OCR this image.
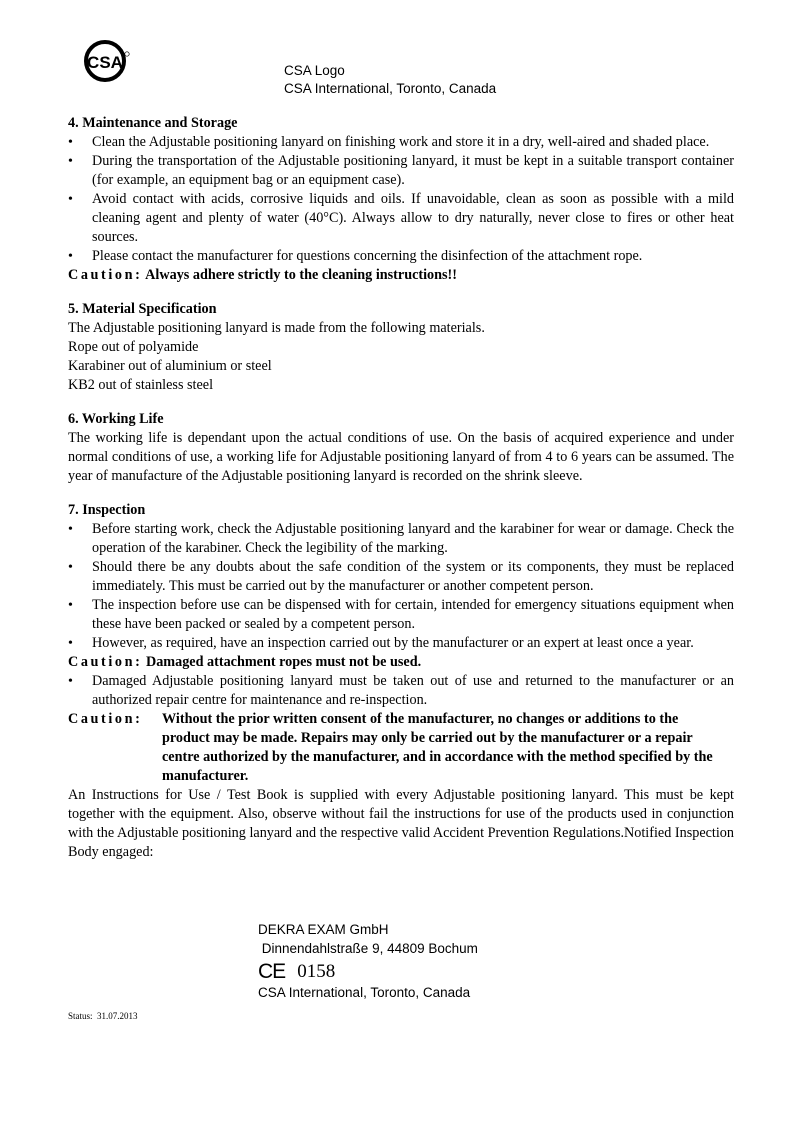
CSA	CSA Logo
CSA International, Toronto, Canada

4. Maintenance and Storage

• Clean the Adjustable positioning lanyard on finishing work and store it in a dry, well-aired and shaded place.
• During the transportation of the Adjustable positioning lanyard, it must be kept in a suitable transport container (for example, an equipment bag or an equipment case).
• Avoid contact with acids, corrosive liquids and oils. If unavoidable, clean as soon as possible with a mild cleaning agent and plenty of water (40°C). Always allow to dry naturally, never close to fires or other heat sources.
• Please contact the manufacturer for questions concerning the disinfection of the attachment rope.

Caution: Always adhere strictly to the cleaning instructions!!

5. Material Specification

The Adjustable positioning lanyard is made from the following materials.

Rope out of polyamide

Karabiner out of aluminium or steel

KB2 out of stainless steel

6. Working Life

The working life is dependant upon the actual conditions of use. On the basis of acquired experience and under normal conditions of use, a working life for Adjustable positioning lanyard of from 4 to 6 years can be assumed. The year of manufacture of the Adjustable positioning lanyard is recorded on the shrink sleeve.

7. Inspection

• Before starting work, check the Adjustable positioning lanyard and the karabiner for wear or damage. Check the operation of the karabiner. Check the legibility of the marking.
• Should there be any doubts about the safe condition of the system or its components, they must be replaced immediately. This must be carried out by the manufacturer or another competent person.
• The inspection before use can be dispensed with for certain, intended for emergency situations equipment when these have been packed or sealed by a competent person.
• However, as required, have an inspection carried out by the manufacturer or an expert at least once a year.

Caution: Damaged attachment ropes must not be used.

• Damaged Adjustable positioning lanyard must be taken out of use and returned to the manufacturer or an authorized repair centre for maintenance and re-inspection.
Caution:	Without the prior written consent of the manufacturer, no changes or additions to the product may be made. Repairs may only be carried out by the manufacturer or a repair centre authorized by the manufacturer, and in accordance with the method specified by the manufacturer.

An Instructions for Use / Test Book is supplied with every Adjustable positioning lanyard. This must be kept together with the equipment. Also, observe without fail the instructions for use of the products used in conjunction with the Adjustable positioning lanyard and the respective valid Accident Prevention Regulations.Notified Inspection Body engaged:

DEKRA EXAM GmbH
Dinnendahlstraße 9, 44809 Bochum
CE 0158
CSA International, Toronto, Canada
Status:  31.07.2013
